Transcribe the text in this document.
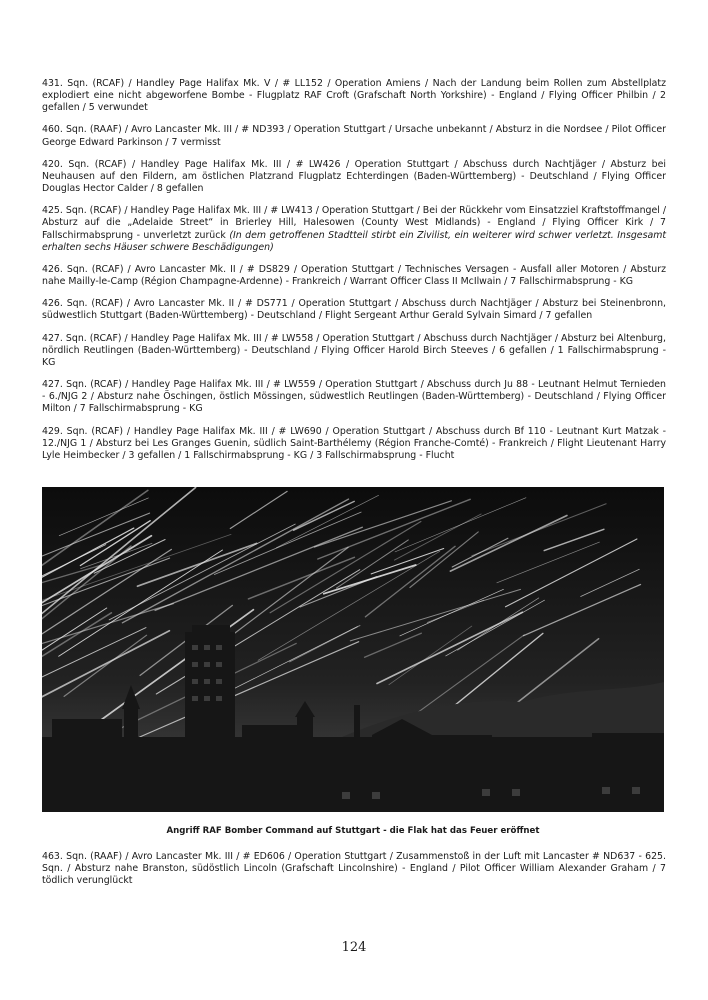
431. Sqn. (RCAF) / Handley Page Halifax Mk. V / # LL152 / Operation Amiens / Nach der Landung beim Rollen zum Abstellplatz explodiert eine nicht abgeworfene Bombe - Flugplatz RAF Croft (Grafschaft North Yorkshire) - England / Flying Officer Philbin / 2 gefallen / 5 verwundet

460. Sqn. (RAAF) / Avro Lancaster Mk. III / # ND393 / Operation Stuttgart / Ursache unbekannt / Absturz in die Nordsee / Pilot Officer George Edward Parkinson / 7 vermisst

420. Sqn. (RCAF) / Handley Page Halifax Mk. III / # LW426 / Operation Stuttgart / Abschuss durch Nachtjäger / Absturz bei Neuhausen auf den Fildern, am östlichen Platzrand Flugplatz Echterdingen (Baden-Württemberg) - Deutschland / Flying Officer Douglas Hector Calder / 8 gefallen

425. Sqn. (RCAF) / Handley Page Halifax Mk. III / # LW413 / Operation Stuttgart / Bei der Rückkehr vom Einsatzziel Kraftstoffmangel / Absturz auf die „Adelaide Street“ in Brierley Hill, Halesowen (County West Midlands) - England / Flying Officer Kirk / 7 Fallschirmabsprung - unverletzt zurück (In dem getroffenen Stadtteil stirbt ein Zivilist, ein weiterer wird schwer verletzt. Insgesamt erhalten sechs Häuser schwere Beschädigungen)

426. Sqn. (RCAF) / Avro Lancaster Mk. II / # DS829 / Operation Stuttgart / Technisches Versagen - Ausfall aller Motoren / Absturz nahe Mailly-le-Camp (Région Champagne-Ardenne) - Frankreich / Warrant Officer Class II McIlwain / 7 Fallschirmabsprung - KG

426. Sqn. (RCAF) / Avro Lancaster Mk. II / # DS771 / Operation Stuttgart / Abschuss durch Nachtjäger / Absturz bei Steinenbronn, südwestlich Stuttgart (Baden-Württemberg) - Deutschland / Flight Sergeant Arthur Gerald Sylvain Simard / 7 gefallen

427. Sqn. (RCAF) / Handley Page Halifax Mk. III / # LW558 / Operation Stuttgart / Abschuss durch Nachtjäger / Absturz bei Altenburg, nördlich Reutlingen (Baden-Württemberg) - Deutschland / Flying Officer Harold Birch Steeves / 6 gefallen / 1 Fallschirmabsprung - KG

427. Sqn. (RCAF) / Handley Page Halifax Mk. III / # LW559 / Operation Stuttgart / Abschuss durch Ju 88 - Leutnant Helmut Ternieden - 6./NJG 2 / Absturz nahe Öschingen, östlich Mössingen, südwestlich Reutlingen (Baden-Württemberg) - Deutschland / Flying Officer Milton / 7 Fallschirmabsprung - KG

429. Sqn. (RCAF) / Handley Page Halifax Mk. III / # LW690 / Operation Stuttgart / Abschuss durch Bf 110 - Leutnant Kurt Matzak - 12./NJG 1 / Absturz bei Les Granges Guenin, südlich Saint-Barthélemy (Région Franche-Comté) - Frankreich / Flight Lieutenant Harry Lyle Heimbecker / 3 gefallen / 1 Fallschirmabsprung - KG / 3 Fallschirmabsprung - Flucht

Angriff RAF Bomber Command auf Stuttgart - die Flak hat das Feuer eröffnet

463. Sqn. (RAAF) / Avro Lancaster Mk. III / # ED606 / Operation Stuttgart / Zusammenstoß in der Luft mit Lancaster # ND637 - 625. Sqn. / Absturz nahe Branston, südöstlich Lincoln (Grafschaft Lincolnshire) - England / Pilot Officer William Alexander Graham / 7 tödlich verunglückt

124
